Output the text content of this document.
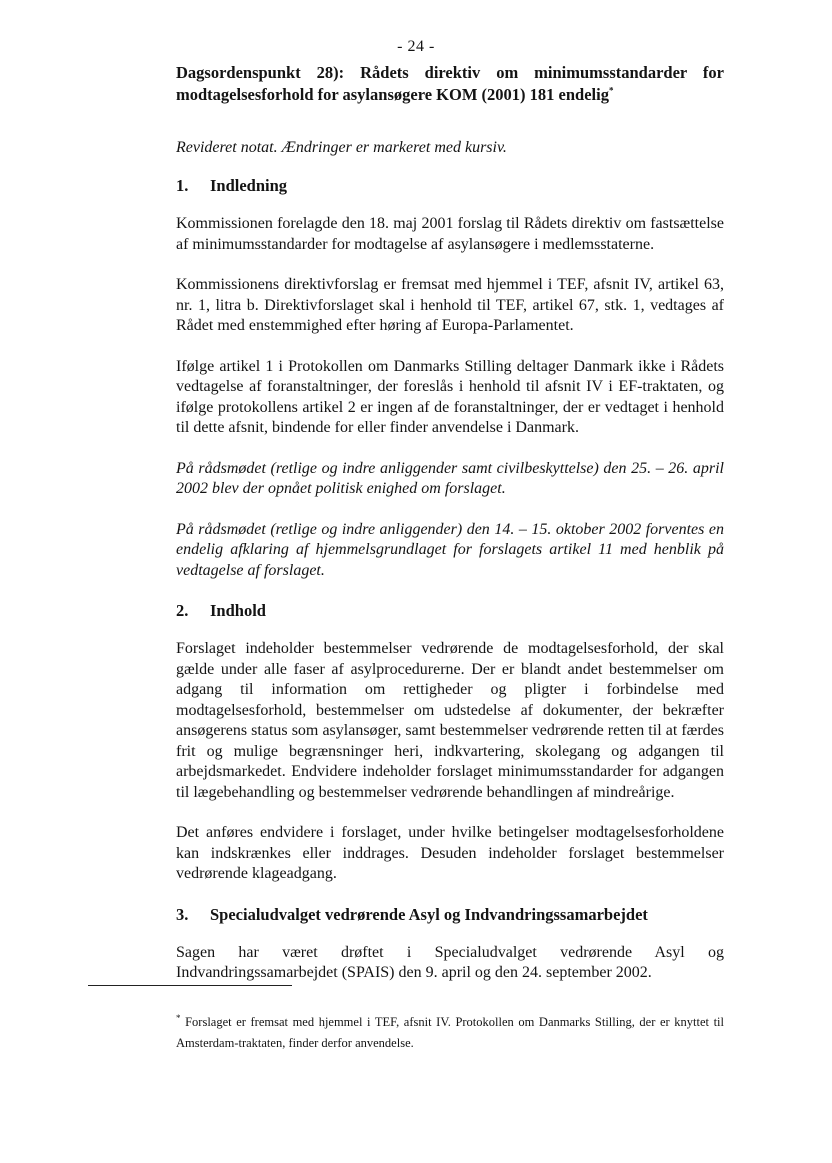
- 24 -
Dagsordenspunkt 28): Rådets direktiv om minimumsstandarder for modtagelsesforhold for asylansøgere KOM (2001) 181 endelig*

Revideret notat. Ændringer er markeret med kursiv.

1. Indledning

Kommissionen forelagde den 18. maj 2001 forslag til Rådets direktiv om fastsættelse af minimumsstandarder for modtagelse af asylansøgere i medlemsstaterne.

Kommissionens direktivforslag er fremsat med hjemmel i TEF, afsnit IV, artikel 63, nr. 1, litra b. Direktivforslaget skal i henhold til TEF, artikel 67, stk. 1, vedtages af Rådet med enstemmighed efter høring af Europa-Parlamentet.

Ifølge artikel 1 i Protokollen om Danmarks Stilling deltager Danmark ikke i Rådets vedtagelse af foranstaltninger, der foreslås i henhold til afsnit IV i EF-traktaten, og ifølge protokollens artikel 2 er ingen af de foranstaltninger, der er vedtaget i henhold til dette afsnit, bindende for eller finder anvendelse i Danmark.

På rådsmødet (retlige og indre anliggender samt civilbeskyttelse) den 25. – 26. april 2002 blev der opnået politisk enighed om forslaget.

På rådsmødet (retlige og indre anliggender) den 14. – 15. oktober 2002 forventes en endelig afklaring af hjemmelsgrundlaget for forslagets artikel 11 med henblik på vedtagelse af forslaget.

2. Indhold

Forslaget indeholder bestemmelser vedrørende de modtagelsesforhold, der skal gælde under alle faser af asylprocedurerne. Der er blandt andet bestemmelser om adgang til information om rettigheder og pligter i forbindelse med modtagelsesforhold, bestemmelser om udstedelse af dokumenter, der bekræfter ansøgerens status som asylansøger, samt bestemmelser vedrørende retten til at færdes frit og mulige begrænsninger heri, indkvartering, skolegang og adgangen til arbejdsmarkedet. Endvidere indeholder forslaget minimumsstandarder for adgangen til lægebehandling og bestemmelser vedrørende behandlingen af mindreårige.

Det anføres endvidere i forslaget, under hvilke betingelser modtagelsesforholdene kan indskrænkes eller inddrages. Desuden indeholder forslaget bestemmelser vedrørende klageadgang.

3. Specialudvalget vedrørende Asyl og Indvandringssamarbejdet

Sagen har været drøftet i Specialudvalget vedrørende Asyl og Indvandringssamarbejdet (SPAIS) den 9. april og den 24. september 2002.

* Forslaget er fremsat med hjemmel i TEF, afsnit IV. Protokollen om Danmarks Stilling, der er knyttet til Amsterdam-traktaten, finder derfor anvendelse.
